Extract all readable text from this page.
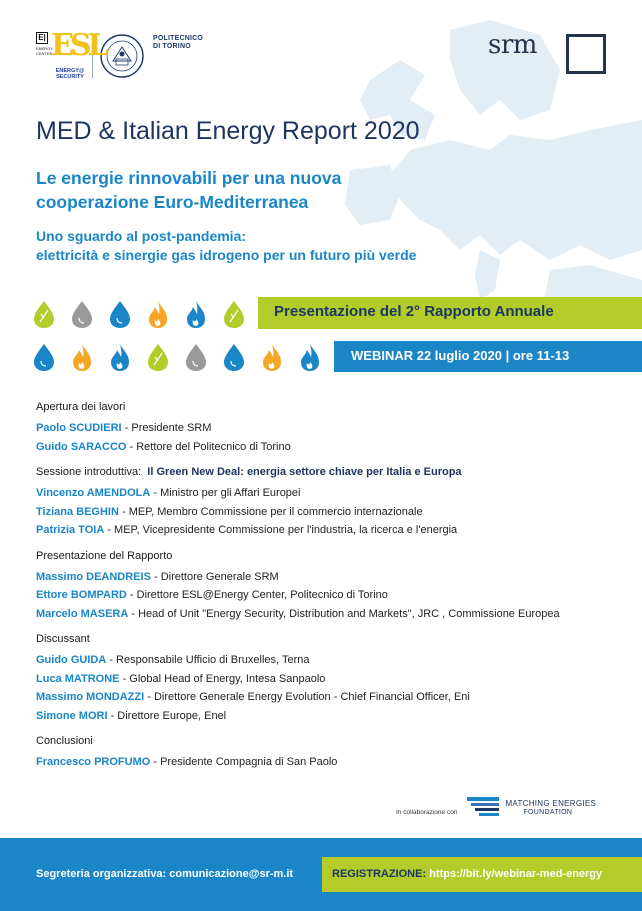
E|
ENERGY CENTER
ESL
ENERGY@ SECURITY
POLITECNICO
DI TORINO	srm
MED & Italian Energy Report 2020
Le energie rinnovabili per una nuova
cooperazione Euro-Mediterranea
Uno sguardo al post-pandemia:
elettricità e sinergie gas idrogeno per un futuro più verde
Presentazione del 2° Rapporto Annuale
WEBINAR 22 luglio 2020 | ore 11-13
Apertura dei lavori
Paolo SCUDIERI - Presidente SRM
Guido SARACCO - Rettore del Politecnico di Torino
Sessione introduttiva: Il Green New Deal: energia settore chiave per Italia e Europa
Vincenzo AMENDOLA - Ministro per gli Affari Europei
Tiziana BEGHIN - MEP, Membro Commissione per il commercio internazionale
Patrizia TOIA - MEP, Vicepresidente Commissione per l'industria, la ricerca e l'energia
Presentazione del Rapporto
Massimo DEANDREIS - Direttore Generale SRM
Ettore BOMPARD - Direttore ESL@Energy Center, Politecnico di Torino
Marcelo MASERA - Head of Unit "Energy Security, Distribution and Markets", JRC , Commissione Europea
Discussant
Guido GUIDA - Responsabile Ufficio di Bruxelles, Terna
Luca MATRONE - Global Head of Energy, Intesa Sanpaolo
Massimo MONDAZZI - Direttore Generale Energy Evolution - Chief Financial Officer, Eni
Simone MORI - Direttore Europe, Enel
Conclusioni
Francesco PROFUMO - Presidente Compagnia di San Paolo
In collaborazione con
MATCHING ENERGIES
FOUNDATION
Segreteria organizzativa: comunicazione@sr-m.it	REGISTRAZIONE: https://bit.ly/webinar-med-energy
